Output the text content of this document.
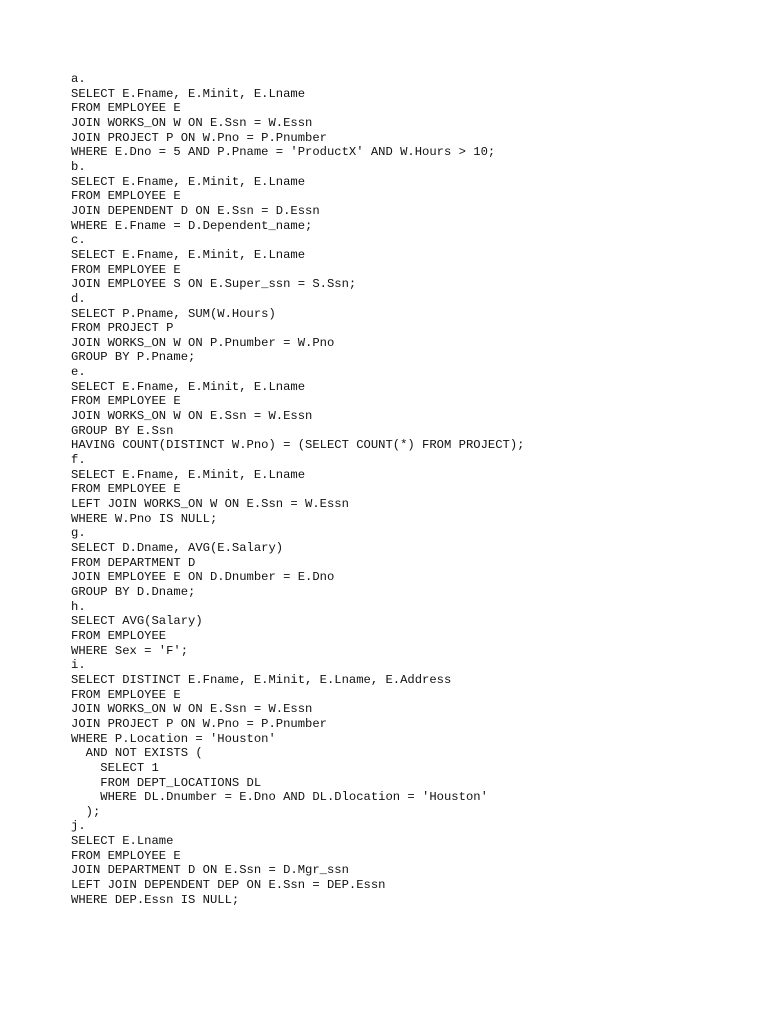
a.
SELECT E.Fname, E.Minit, E.Lname
FROM EMPLOYEE E
JOIN WORKS_ON W ON E.Ssn = W.Essn
JOIN PROJECT P ON W.Pno = P.Pnumber
WHERE E.Dno = 5 AND P.Pname = 'ProductX' AND W.Hours > 10;
b.
SELECT E.Fname, E.Minit, E.Lname
FROM EMPLOYEE E
JOIN DEPENDENT D ON E.Ssn = D.Essn
WHERE E.Fname = D.Dependent_name;
c.
SELECT E.Fname, E.Minit, E.Lname
FROM EMPLOYEE E
JOIN EMPLOYEE S ON E.Super_ssn = S.Ssn;
d.
SELECT P.Pname, SUM(W.Hours)
FROM PROJECT P
JOIN WORKS_ON W ON P.Pnumber = W.Pno
GROUP BY P.Pname;
e.
SELECT E.Fname, E.Minit, E.Lname
FROM EMPLOYEE E
JOIN WORKS_ON W ON E.Ssn = W.Essn
GROUP BY E.Ssn
HAVING COUNT(DISTINCT W.Pno) = (SELECT COUNT(*) FROM PROJECT);
f.
SELECT E.Fname, E.Minit, E.Lname
FROM EMPLOYEE E
LEFT JOIN WORKS_ON W ON E.Ssn = W.Essn
WHERE W.Pno IS NULL;
g.
SELECT D.Dname, AVG(E.Salary)
FROM DEPARTMENT D
JOIN EMPLOYEE E ON D.Dnumber = E.Dno
GROUP BY D.Dname;
h.
SELECT AVG(Salary)
FROM EMPLOYEE
WHERE Sex = 'F';
i.
SELECT DISTINCT E.Fname, E.Minit, E.Lname, E.Address
FROM EMPLOYEE E
JOIN WORKS_ON W ON E.Ssn = W.Essn
JOIN PROJECT P ON W.Pno = P.Pnumber
WHERE P.Location = 'Houston'
AND NOT EXISTS (
SELECT 1
FROM DEPT_LOCATIONS DL
WHERE DL.Dnumber = E.Dno AND DL.Dlocation = 'Houston'
);
j.
SELECT E.Lname
FROM EMPLOYEE E
JOIN DEPARTMENT D ON E.Ssn = D.Mgr_ssn
LEFT JOIN DEPENDENT DEP ON E.Ssn = DEP.Essn
WHERE DEP.Essn IS NULL;
